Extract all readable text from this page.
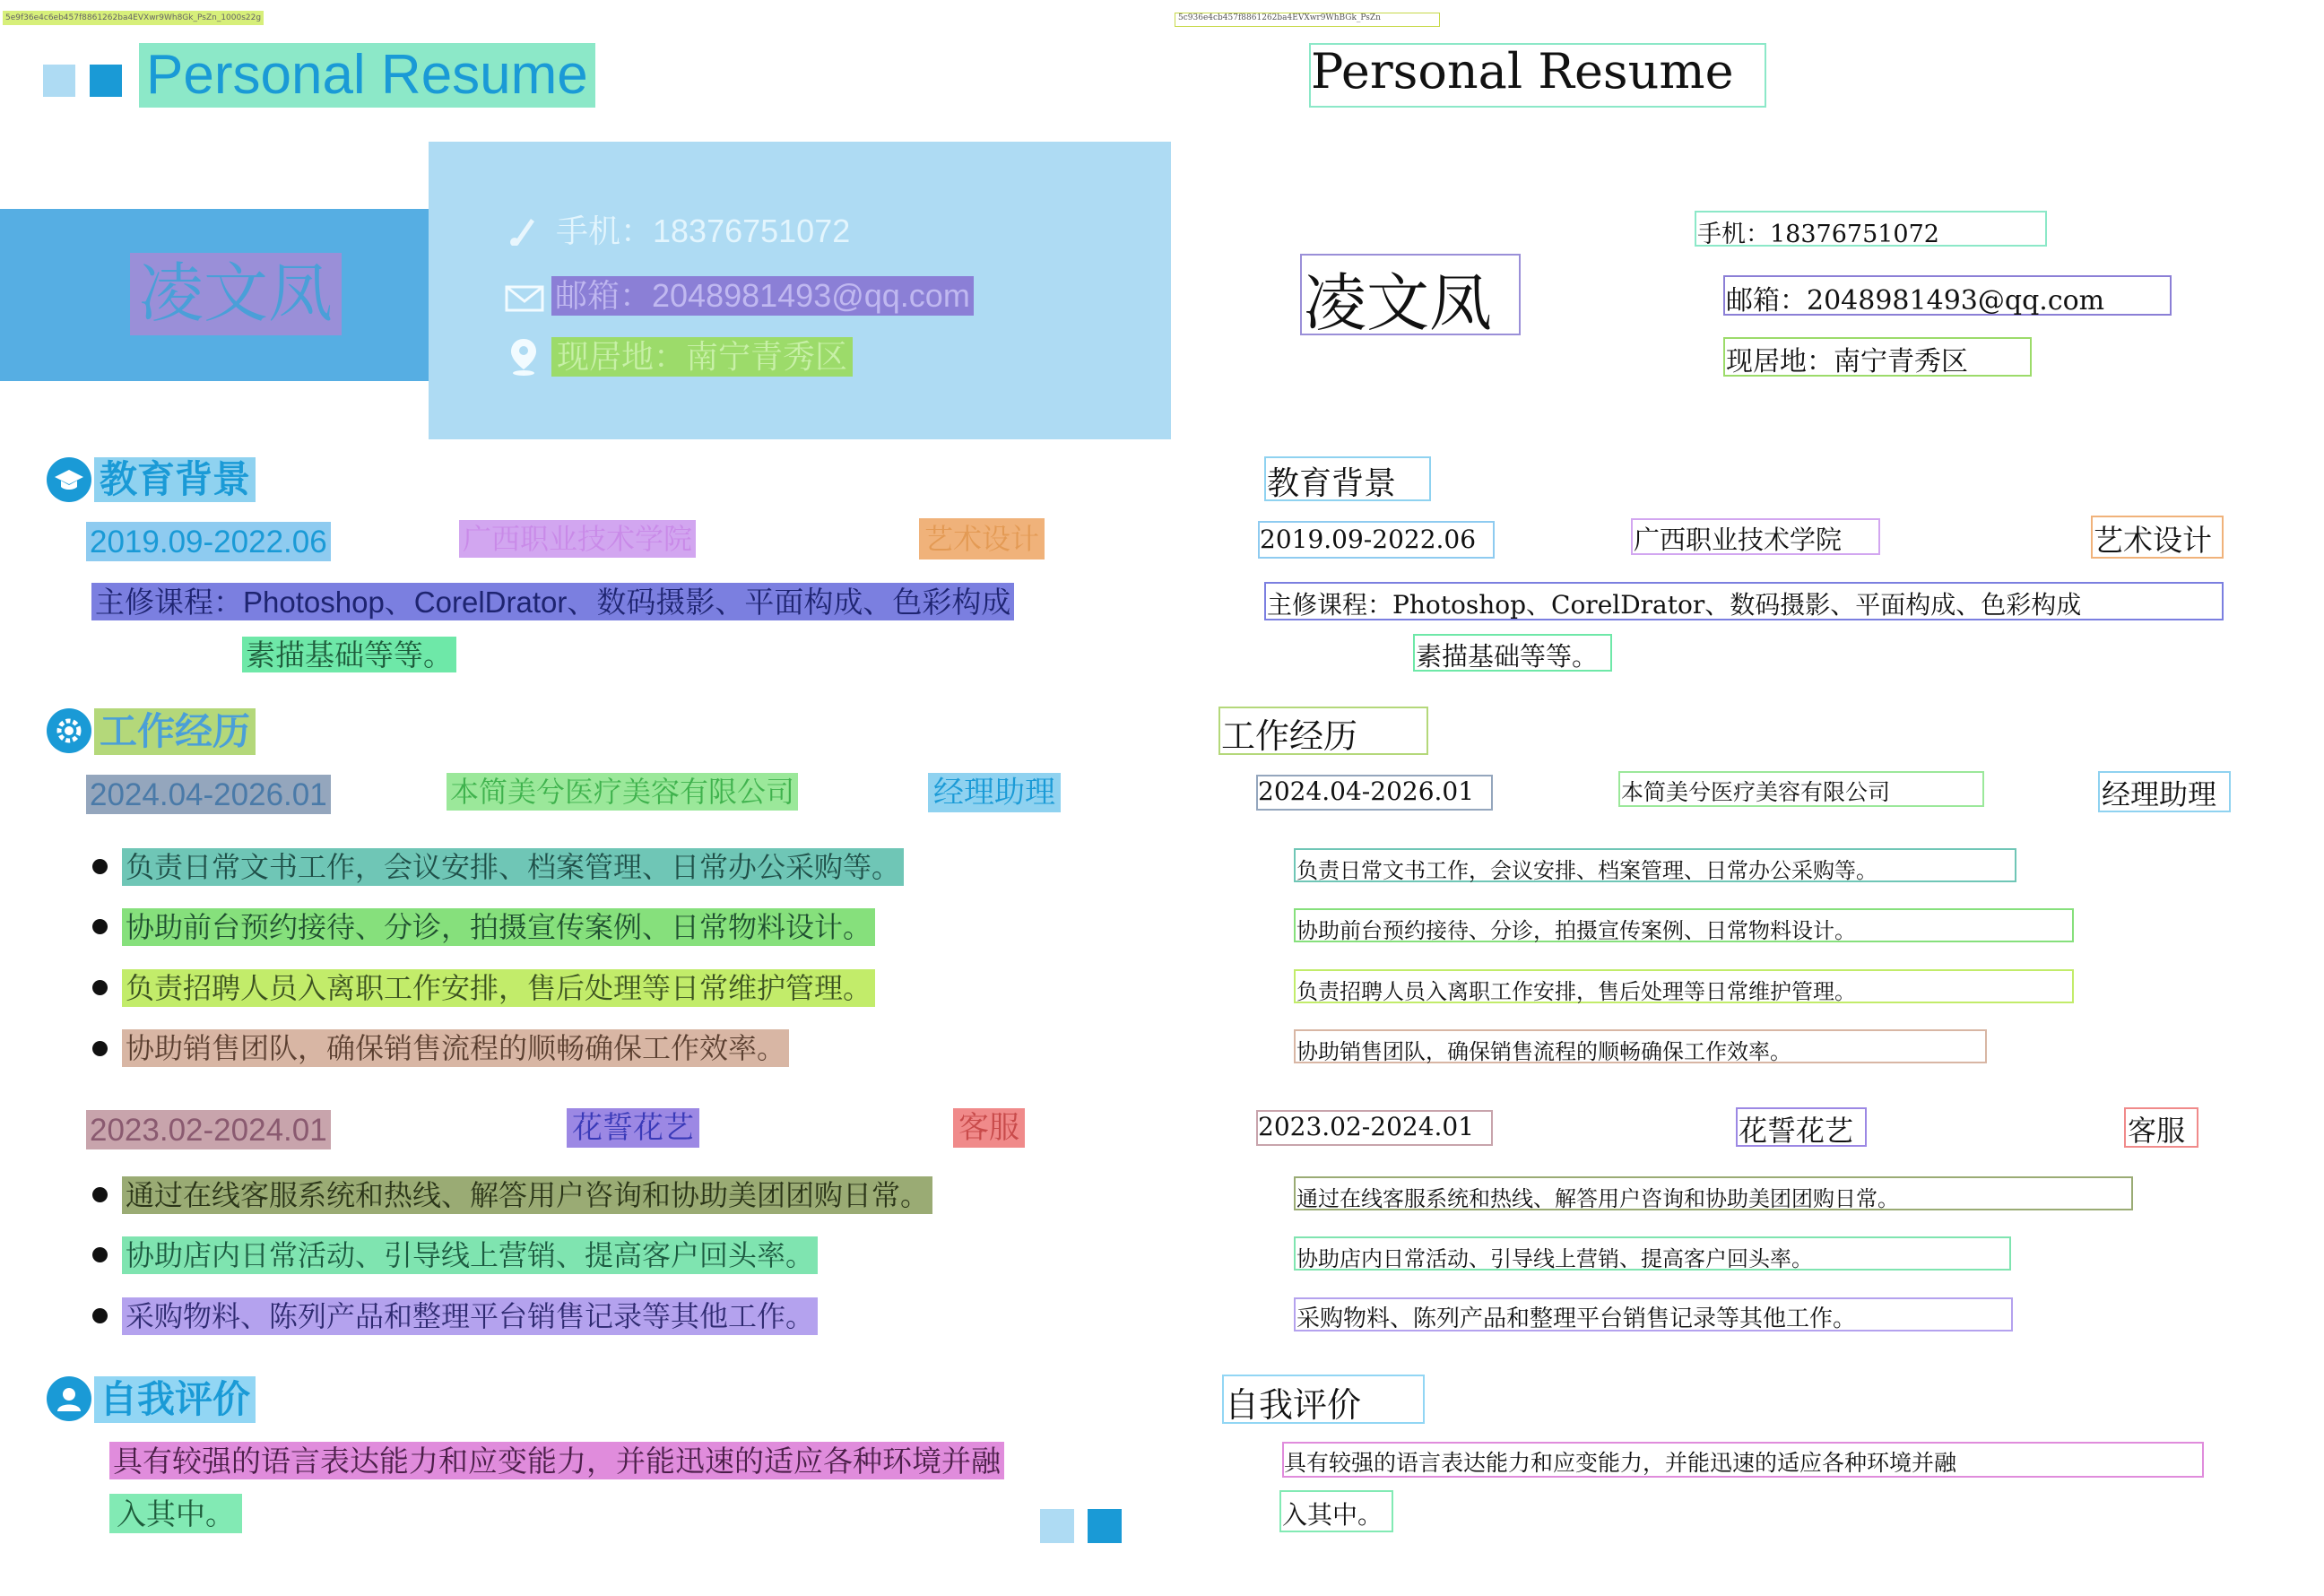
5e9f36e4c6eb457f8861262ba4EVXwr9Wh8Gk_PsZn_1000s22g
Personal Resume
凌文凤
手机：18376751072
邮箱：2048981493@qq.com
现居地：南宁青秀区
教育背景
2019.09-2022.06	广西职业技术学院	艺术设计
主修课程：Photoshop、CorelDrator、数码摄影、平面构成、色彩构成
素描基础等等。
工作经历
2024.04-2026.01	本简美兮医疗美容有限公司	经理助理
负责日常文书工作，会议安排、档案管理、日常办公采购等。
协助前台预约接待、分诊，拍摄宣传案例、日常物料设计。
负责招聘人员入离职工作安排，售后处理等日常维护管理。
协助销售团队，确保销售流程的顺畅确保工作效率。
2023.02-2024.01	花誓花艺	客服
通过在线客服系统和热线、解答用户咨询和协助美团团购日常。
协助店内日常活动、引导线上营销、提高客户回头率。
采购物料、陈列产品和整理平台销售记录等其他工作。
自我评价
具有较强的语言表达能力和应变能力，并能迅速的适应各种环境并融
入其中。
5c936e4cb457f8861262ba4EVXwr9WhBGk_PsZn
Personal Resume
凌文凤
手机：18376751072
邮箱：2048981493@qq.com
现居地：南宁青秀区
教育背景
2019.09-2022.06	广西职业技术学院	艺术设计
主修课程：Photoshop、CorelDrator、数码摄影、平面构成、色彩构成
素描基础等等。
工作经历
2024.04-2026.01	本简美兮医疗美容有限公司	经理助理
负责日常文书工作，会议安排、档案管理、日常办公采购等。
协助前台预约接待、分诊，拍摄宣传案例、日常物料设计。
负责招聘人员入离职工作安排，售后处理等日常维护管理。
协助销售团队，确保销售流程的顺畅确保工作效率。
2023.02-2024.01	花誓花艺	客服
通过在线客服系统和热线、解答用户咨询和协助美团团购日常。
协助店内日常活动、引导线上营销、提高客户回头率。
采购物料、陈列产品和整理平台销售记录等其他工作。
自我评价
具有较强的语言表达能力和应变能力，并能迅速的适应各种环境并融
入其中。
